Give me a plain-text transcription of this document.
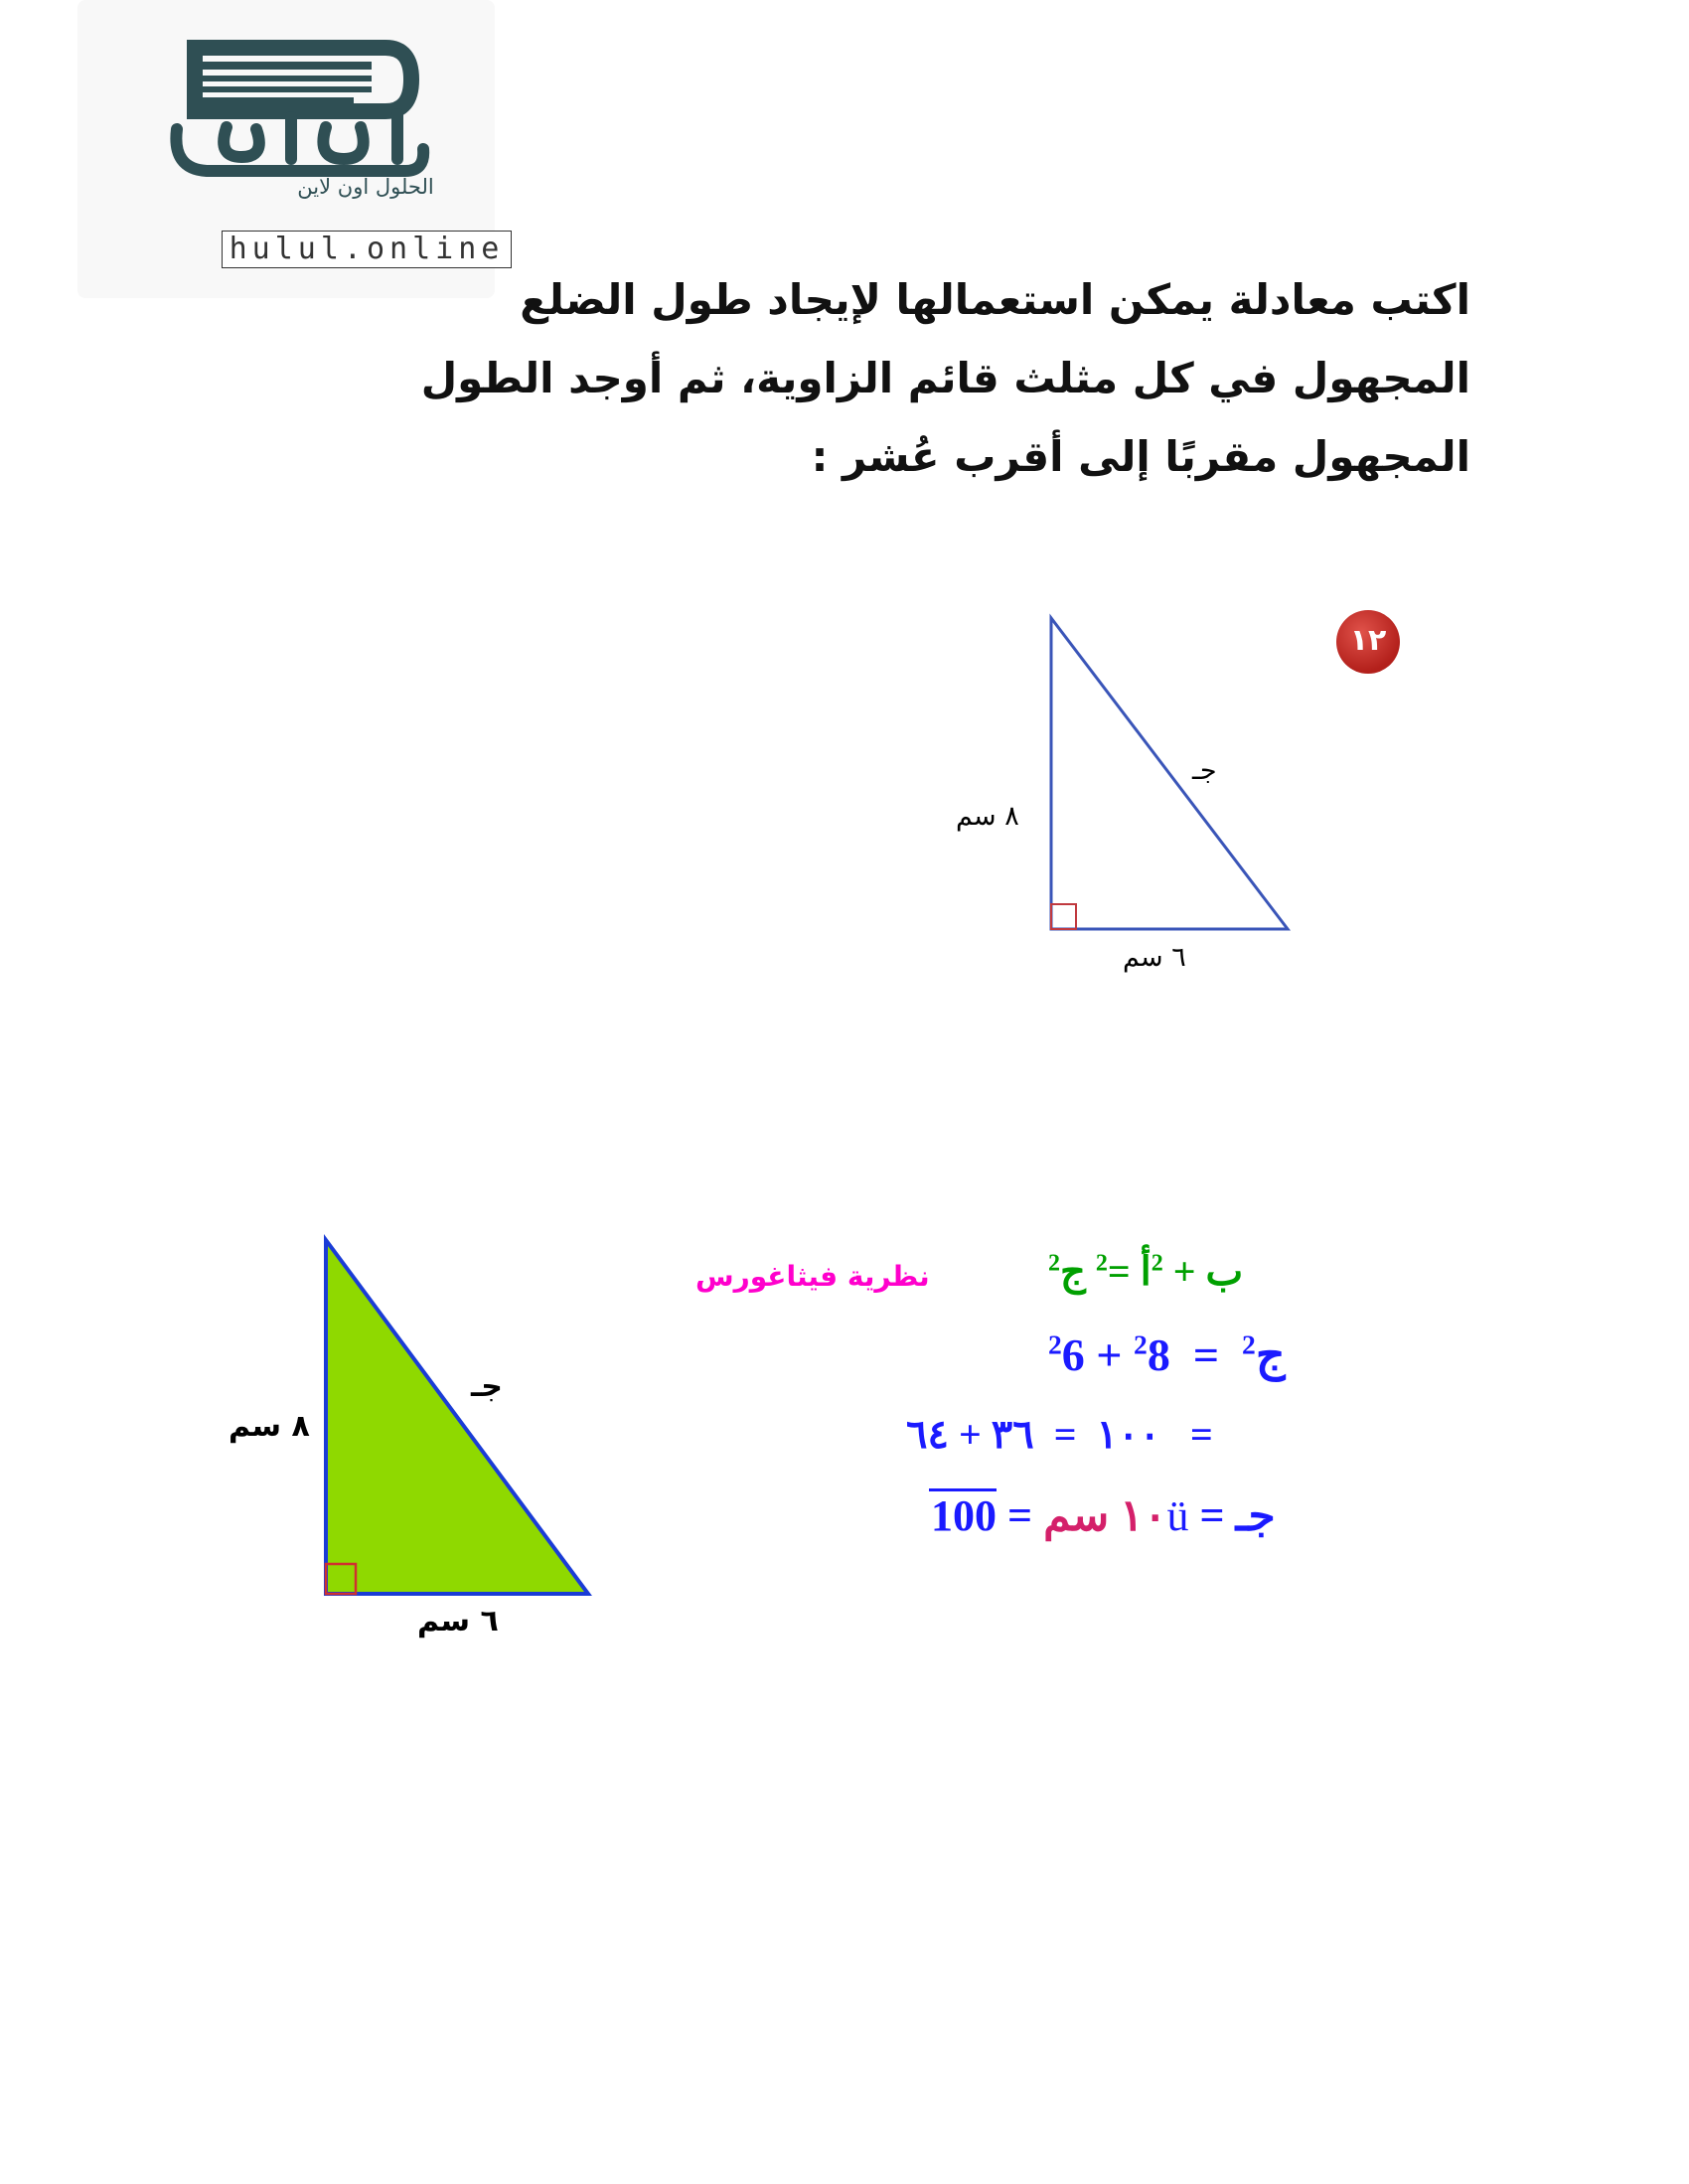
الحلول اون لاين
hulul.online
اكتب معادلة يمكن استعمالها لإيجاد طول الضلع
المجهول في كل مثلث قائم الزاوية، ثم أوجد الطول
المجهول مقربًا إلى أقرب عُشر :
١٢
٨ سم
٦ سم
جـ
٨ سم
٦ سم
جـ
نظرية فيثاغورس	$^2$	ب + $^2$أ =$^2$ ج
$^2$6 + $^2$8 = $^2$ج
١٠٠  =  ٣٦ + ٦٤	=
١٠ سم = 100	ü = جـ
